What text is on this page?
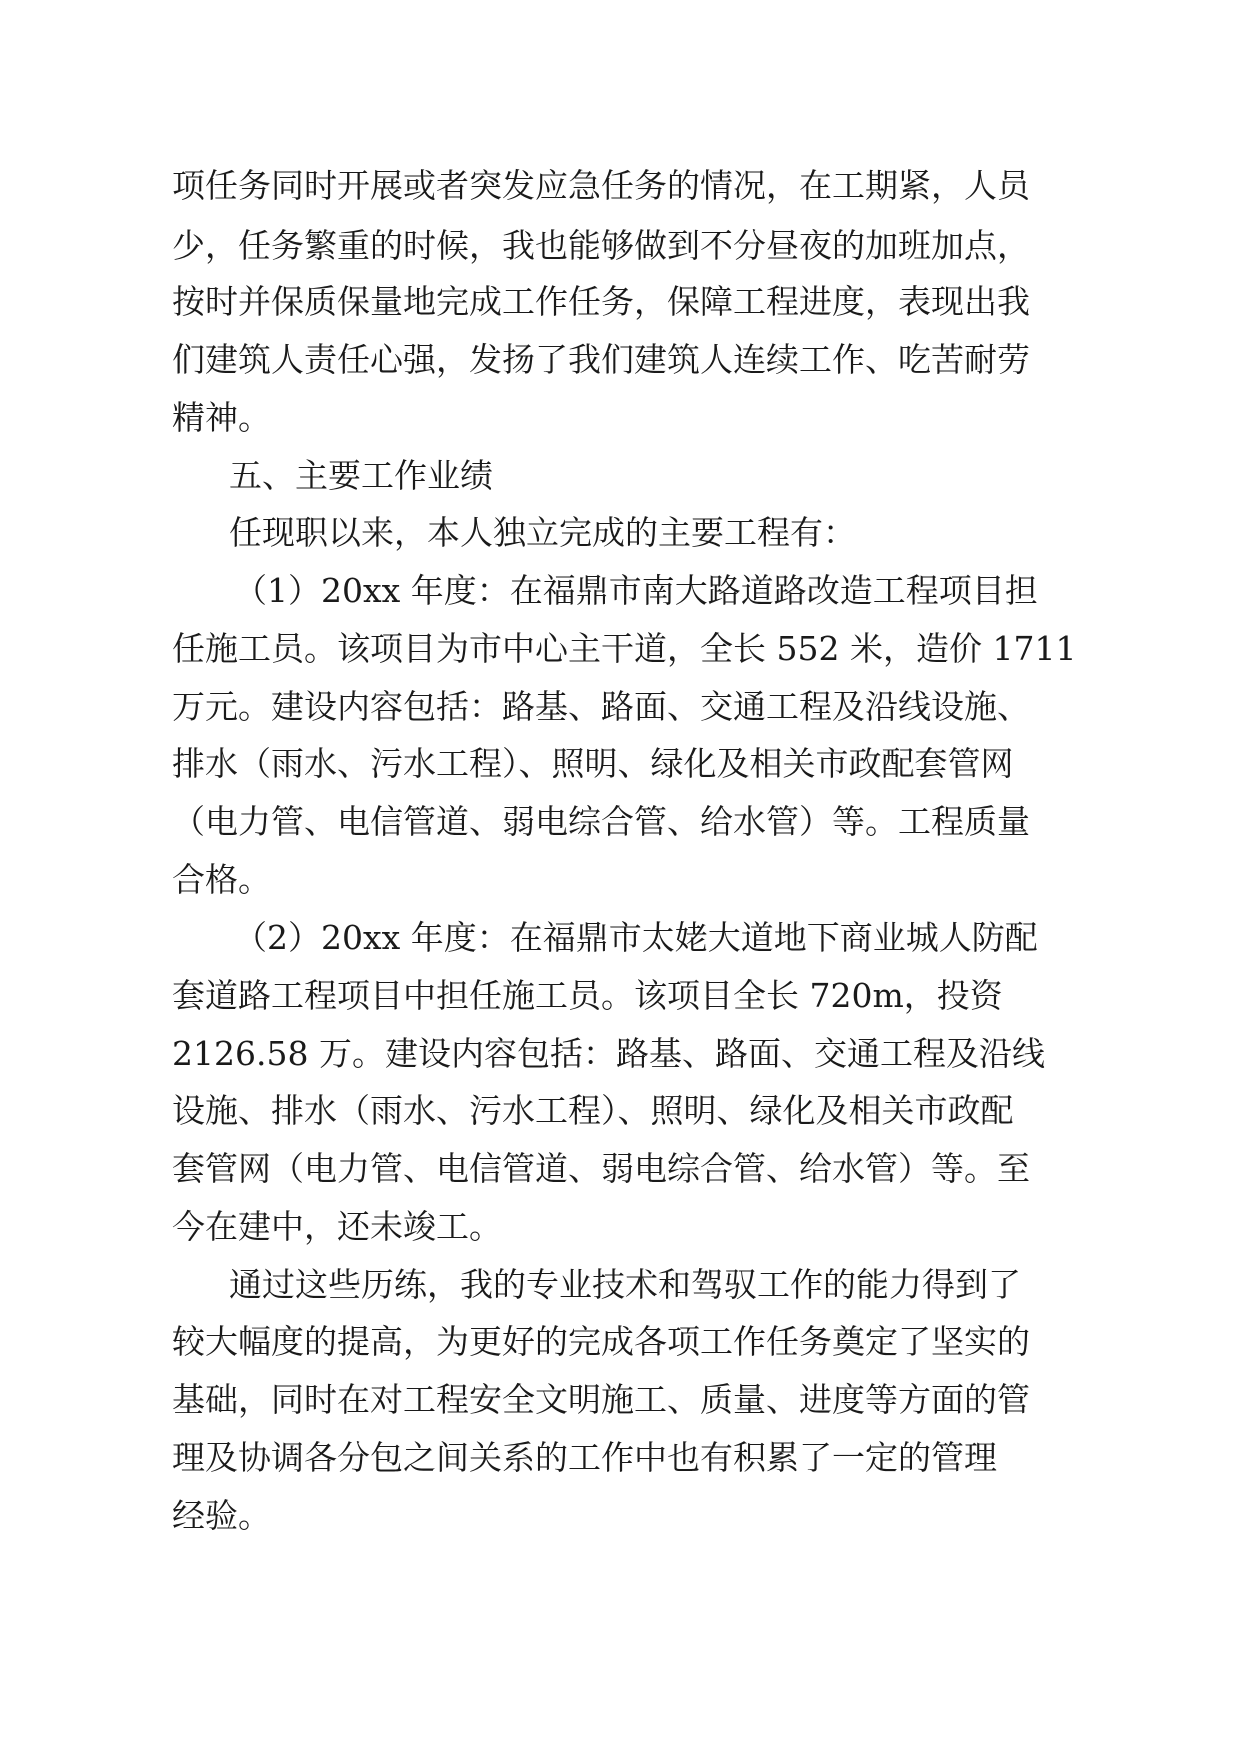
项任务同时开展或者突发应急任务的情况，在工期紧，人员

少，任务繁重的时候，我也能够做到不分昼夜的加班加点，

按时并保质保量地完成工作任务，保障工程进度，表现出我

们建筑人责任心强，发扬了我们建筑人连续工作、吃苦耐劳

精神。

五、主要工作业绩

任现职以来，本人独立完成的主要工程有：

（1）20xx 年度：在福鼎市南大路道路改造工程项目担

任施工员。该项目为市中心主干道，全长 552 米，造价 1711

万元。建设内容包括：路基、路面、交通工程及沿线设施、

排水（雨水、污水工程）、照明、绿化及相关市政配套管网

（电力管、电信管道、弱电综合管、给水管）等。工程质量

合格。

（2）20xx 年度：在福鼎市太姥大道地下商业城人防配

套道路工程项目中担任施工员。该项目全长 720m，投资

2126.58 万。建设内容包括：路基、路面、交通工程及沿线

设施、排水（雨水、污水工程）、照明、绿化及相关市政配

套管网（电力管、电信管道、弱电综合管、给水管）等。至

今在建中，还未竣工。

通过这些历练，我的专业技术和驾驭工作的能力得到了

较大幅度的提高，为更好的完成各项工作任务奠定了坚实的

基础，同时在对工程安全文明施工、质量、进度等方面的管

理及协调各分包之间关系的工作中也有积累了一定的管理

经验。
